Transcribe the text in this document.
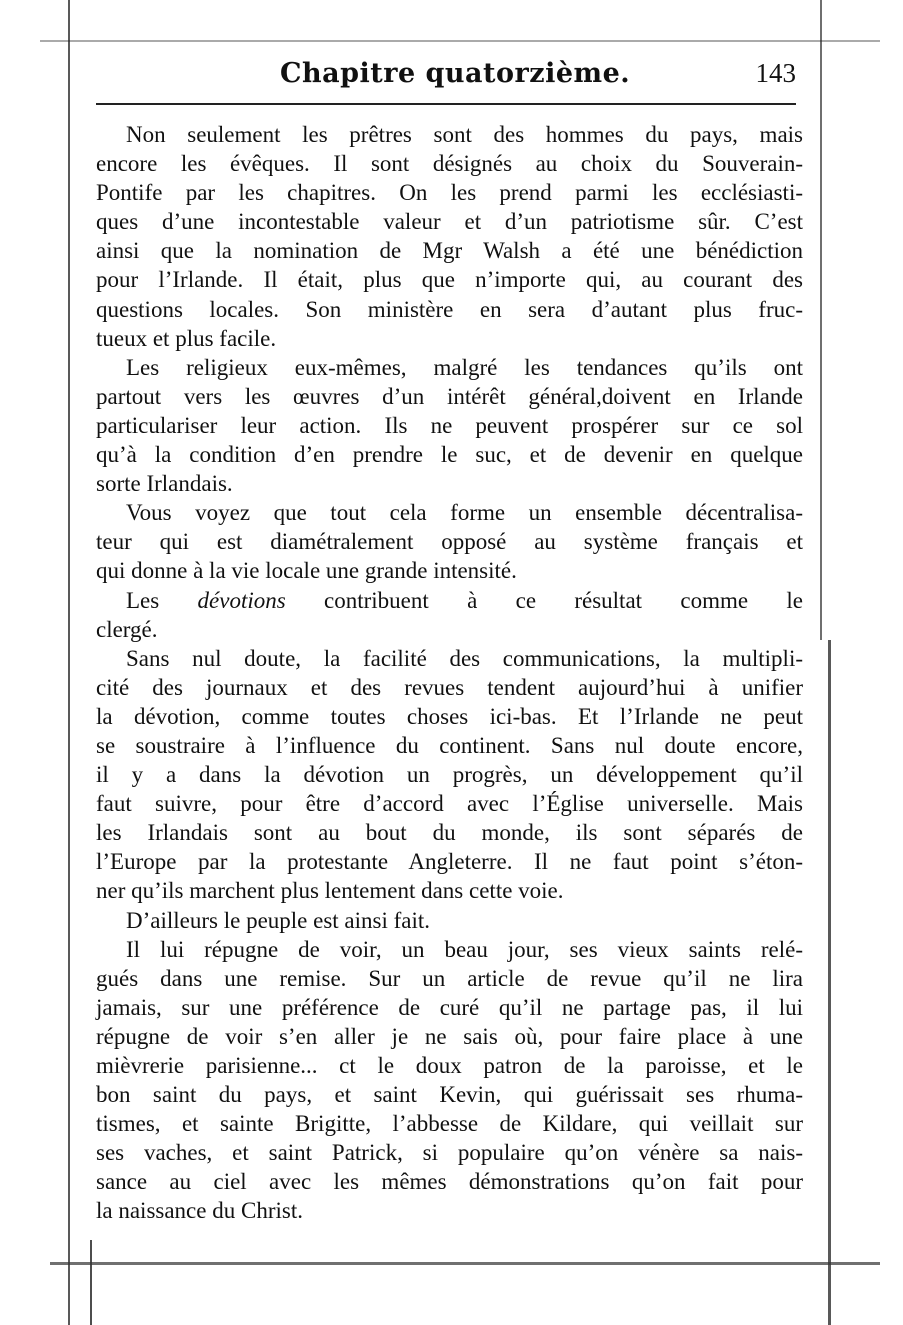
Chapitre quatorzième.	143
Non seulement les prêtres sont des hommes du pays, mais
encore les évêques. Il sont désignés au choix du Souverain-
Pontife par les chapitres. On les prend parmi les ecclésiasti-
ques d’une incontestable valeur et d’un patriotisme sûr. C’est
ainsi que la nomination de Mgr Walsh a été une bénédiction
pour l’Irlande. Il était, plus que n’importe qui, au courant des
questions locales. Son ministère en sera d’autant plus fruc-
tueux et plus facile.
Les religieux eux-mêmes, malgré les tendances qu’ils ont
partout vers les œuvres d’un intérêt général,doivent en Irlande
particulariser leur action. Ils ne peuvent prospérer sur ce sol
qu’à la condition d’en prendre le suc, et de devenir en quelque
sorte Irlandais.
Vous voyez que tout cela forme un ensemble décentralisa-
teur qui est diamétralement opposé au système français et
qui donne à la vie locale une grande intensité.
Les dévotions contribuent à ce résultat comme le
clergé.
Sans nul doute, la facilité des communications, la multipli-
cité des journaux et des revues tendent aujourd’hui à unifier
la dévotion, comme toutes choses ici-bas. Et l’Irlande ne peut
se soustraire à l’influence du continent. Sans nul doute encore,
il y a dans la dévotion un progrès, un développement qu’il
faut suivre, pour être d’accord avec l’Église universelle. Mais
les Irlandais sont au bout du monde, ils sont séparés de
l’Europe par la protestante Angleterre. Il ne faut point s’éton-
ner qu’ils marchent plus lentement dans cette voie.
D’ailleurs le peuple est ainsi fait.
Il lui répugne de voir, un beau jour, ses vieux saints relé-
gués dans une remise. Sur un article de revue qu’il ne lira
jamais, sur une préférence de curé qu’il ne partage pas, il lui
répugne de voir s’en aller je ne sais où, pour faire place à une
mièvrerie parisienne... ct le doux patron de la paroisse, et le
bon saint du pays, et saint Kevin, qui guérissait ses rhuma-
tismes, et sainte Brigitte, l’abbesse de Kildare, qui veillait sur
ses vaches, et saint Patrick, si populaire qu’on vénère sa nais-
sance au ciel avec les mêmes démonstrations qu’on fait pour
la naissance du Christ.
